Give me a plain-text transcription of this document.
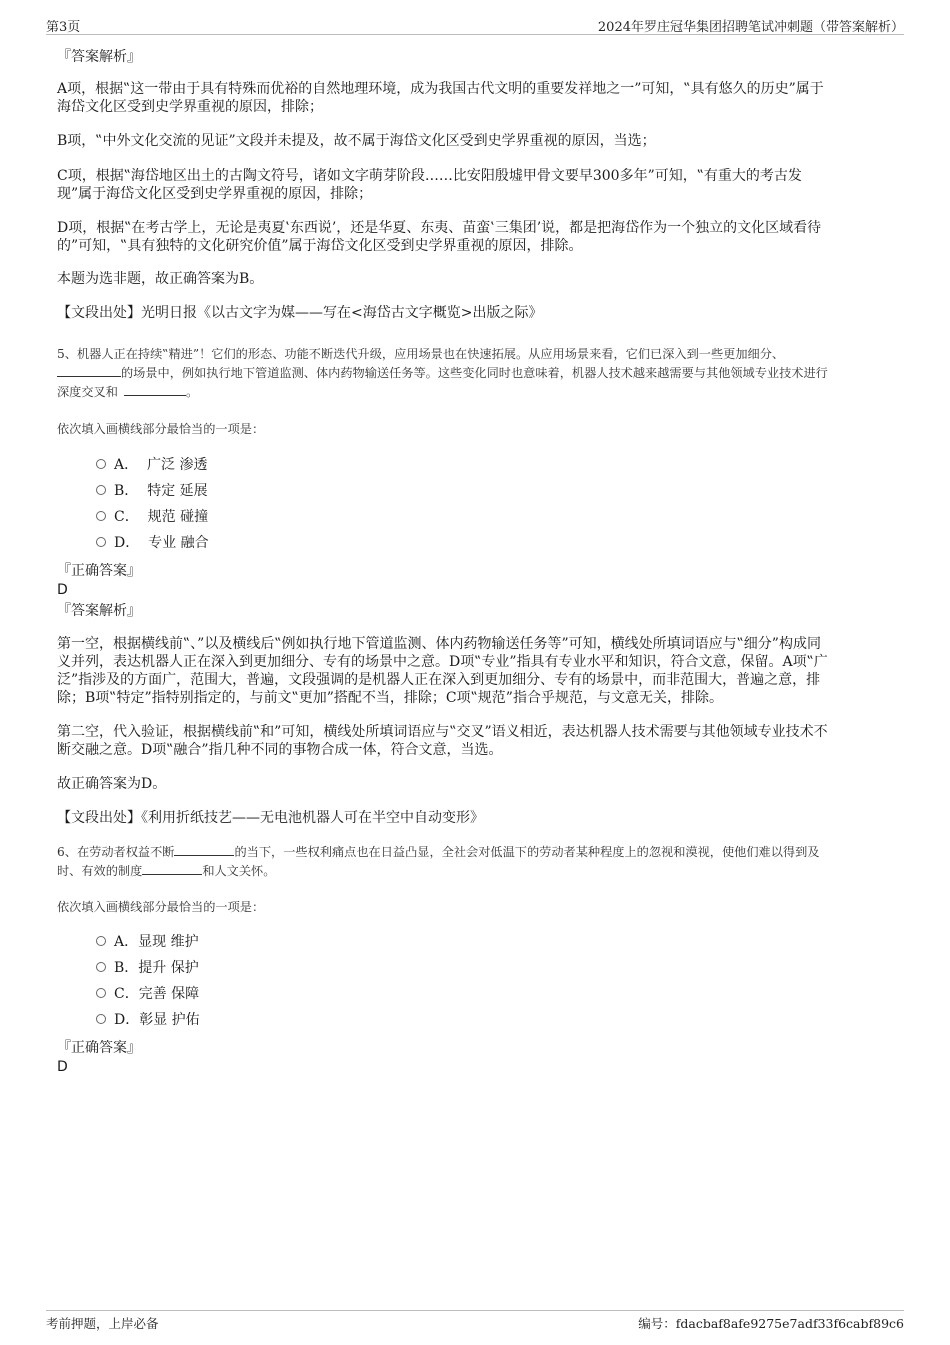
第3页	2024年罗庄冠华集团招聘笔试冲刺题（带答案解析）

『答案解析』

A项，根据‟这一带由于具有特殊而优裕的自然地理环境，成为我国古代文明的重要发祥地之一”可知，‟具有悠久的历史”属于

海岱文化区受到史学界重视的原因，排除；

B项，‟中外文化交流的见证”文段并未提及，故不属于海岱文化区受到史学界重视的原因，当选；

C项，根据‟海岱地区出土的古陶文符号，诸如文字萌芽阶段……比安阳殷墟甲骨文要早300多年”可知，‟有重大的考古发

现”属于海岱文化区受到史学界重视的原因，排除；

D项，根据‟在考古学上，无论是夷夏‛东西说’，还是华夏、东夷、苗蛮‛三集团’说，都是把海岱作为一个独立的文化区域看待

的”可知，‟具有独特的文化研究价值”属于海岱文化区受到史学界重视的原因，排除。

本题为选非题，故正确答案为B。

【文段出处】光明日报《以古文字为媒——写在<海岱古文字概览>出版之际》

5、机器人正在持续‟精进”！它们的形态、功能不断迭代升级，应用场景也在快速拓展。从应用场景来看，它们已深入到一些更加细分、

的场景中，例如执行地下管道监测、体内药物输送任务等。这些变化同时也意味着，机器人技术越来越需要与其他领域专业技术进行

深度交叉和	。

依次填入画横线部分最恰当的一项是：

A． 广泛 渗透
B． 特定 延展
C． 规范 碰撞
D． 专业 融合

『正确答案』

D

『答案解析』

第一空，根据横线前‟、”以及横线后‟例如执行地下管道监测、体内药物输送任务等”可知，横线处所填词语应与‟细分”构成同

义并列，表达机器人正在深入到更加细分、专有的场景中之意。D项‟专业”指具有专业水平和知识，符合文意，保留。A项‟广

泛”指涉及的方面广，范围大，普遍，文段强调的是机器人正在深入到更加细分、专有的场景中，而非范围大，普遍之意，排

除；B项‟特定”指特别指定的，与前文‟更加”搭配不当，排除；C项‟规范”指合乎规范，与文意无关，排除。

第二空，代入验证，根据横线前‟和”可知，横线处所填词语应与‟交叉”语义相近，表达机器人技术需要与其他领域专业技术不

断交融之意。D项‟融合”指几种不同的事物合成一体，符合文意，当选。

故正确答案为D。

【文段出处】《利用折纸技艺——无电池机器人可在半空中自动变形》

6、在劳动者权益不断	的当下，一些权利痛点也在日益凸显，全社会对低温下的劳动者某种程度上的忽视和漠视，使他们难以得到及

时、有效的制度	和人文关怀。

依次填入画横线部分最恰当的一项是：

A．显现 维护
B．提升 保护
C．完善 保障
D．彰显 护佑

『正确答案』

D

考前押题，上岸必备	编号：fdacbaf8afe9275e7adf33f6cabf89c6
